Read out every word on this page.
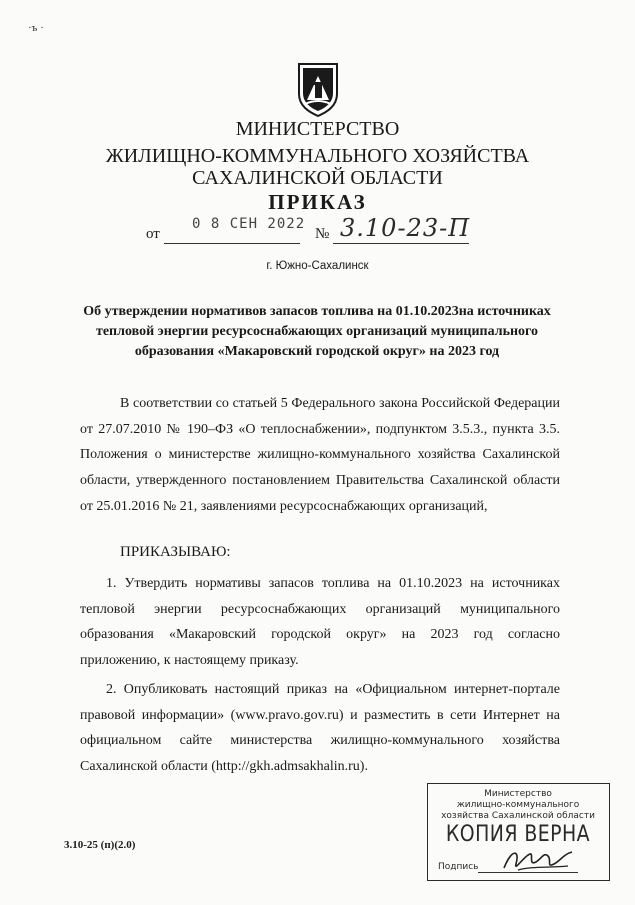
·ъ ·
МИНИСТЕРСТВО
ЖИЛИЩНО-КОММУНАЛЬНОГО ХОЗЯЙСТВА
САХАЛИНСКОЙ ОБЛАСТИ
ПРИКАЗ
от
0 8 СЕН 2022
№ 3.10-23-П
г. Южно-Сахалинск
Об утверждении нормативов запасов топлива на 01.10.2023на источниках тепловой энергии ресурсоснабжающих организаций муниципального образования «Макаровский городской округ» на 2023 год
В соответствии со статьей 5 Федерального закона Российской Федерации от 27.07.2010 № 190–ФЗ «О теплоснабжении», подпунктом 3.5.3., пункта 3.5. Положения о министерстве жилищно-коммунального хозяйства Сахалинской области, утвержденного постановлением Правительства Сахалинской области от 25.01.2016 № 21, заявлениями ресурсоснабжающих организаций,
ПРИКАЗЫВАЮ:
1. Утвердить нормативы запасов топлива на 01.10.2023 на источниках тепловой энергии ресурсоснабжающих организаций муниципального образования «Макаровский городской округ» на 2023 год согласно приложению, к настоящему приказу.
2. Опубликовать настоящий приказ на «Официальном интернет-портале правовой информации» (www.pravo.gov.ru) и разместить в сети Интернет на официальном сайте министерства жилищно-коммунального хозяйства Сахалинской области (http://gkh.admsakhalin.ru).
3.10-25 (п)(2.0)
Министерство
жилищно-коммунального
хозяйства Сахалинской области
КОПИЯ ВЕРНА
Подпись
